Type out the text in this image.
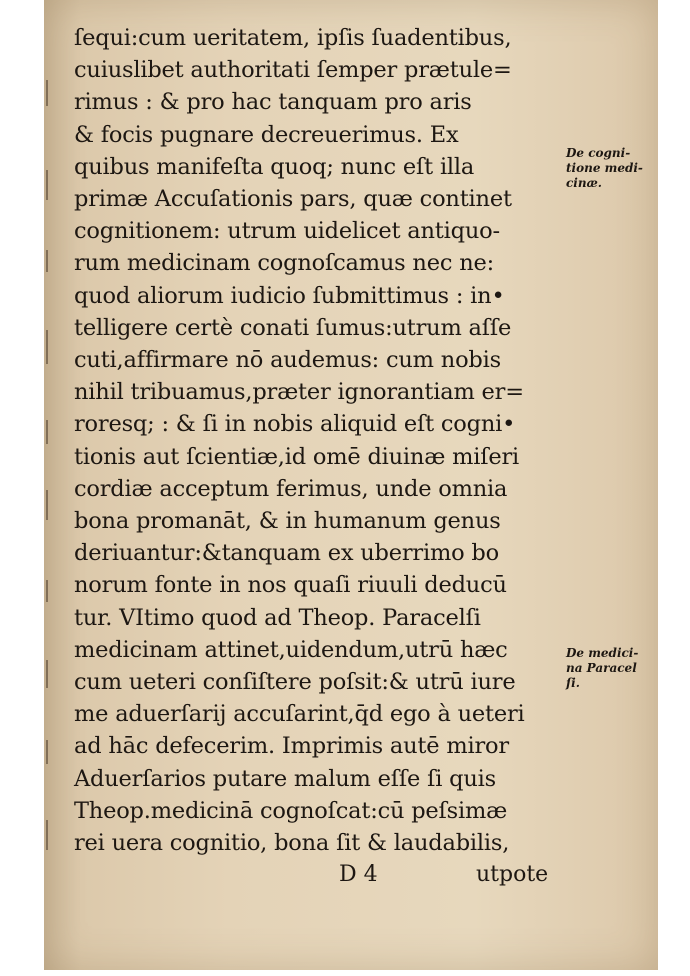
ſequi:cum ueritatem, ipſis ſuadentibus,
cuiuslibet authoritati ſemper prætule=
rimus : & pro hac tanquam pro aris
& focis pugnare decreuerimus. Ex
quibus manifeſta quoq; nunc eſt illa
primæ Accuſationis pars, quæ continet
cognitionem: utrum uidelicet antiquo-
rum medicinam cognoſcamus nec ne:
quod aliorum iudicio ſubmittimus : in•
telligere certè conati ſumus:utrum aſſe
cuti,affirmare nō audemus: cum nobis
nihil tribuamus,præter ignorantiam er=
roresq; : & ſi in nobis aliquid eſt cogni•
tionis aut ſcientiæ,id omē diuinæ miſeri
cordiæ acceptum ferimus, unde omnia
bona promanāt, & in humanum genus
deriuantur:&tanquam ex uberrimo bo
norum fonte in nos quaſi riuuli deducū
tur. VItimo quod ad Theop. Paracelſi
medicinam attinet,uidendum,utrū hæc
cum ueteri conſiſtere poſsit:& utrū iure
me aduerſarij accuſarint,q̄d ego à ueteri
ad hāc defecerim. Imprimis autē miror
Aduerſarios putare malum eſſe ſi quis
Theop.medicinā cognoſcat:cū peſsimæ
rei uera cognitio, bona ſit & laudabilis,
De cogni-
tione medi-
cinæ.
De medici-
na Paracel
ſi.
D 4	utpote
